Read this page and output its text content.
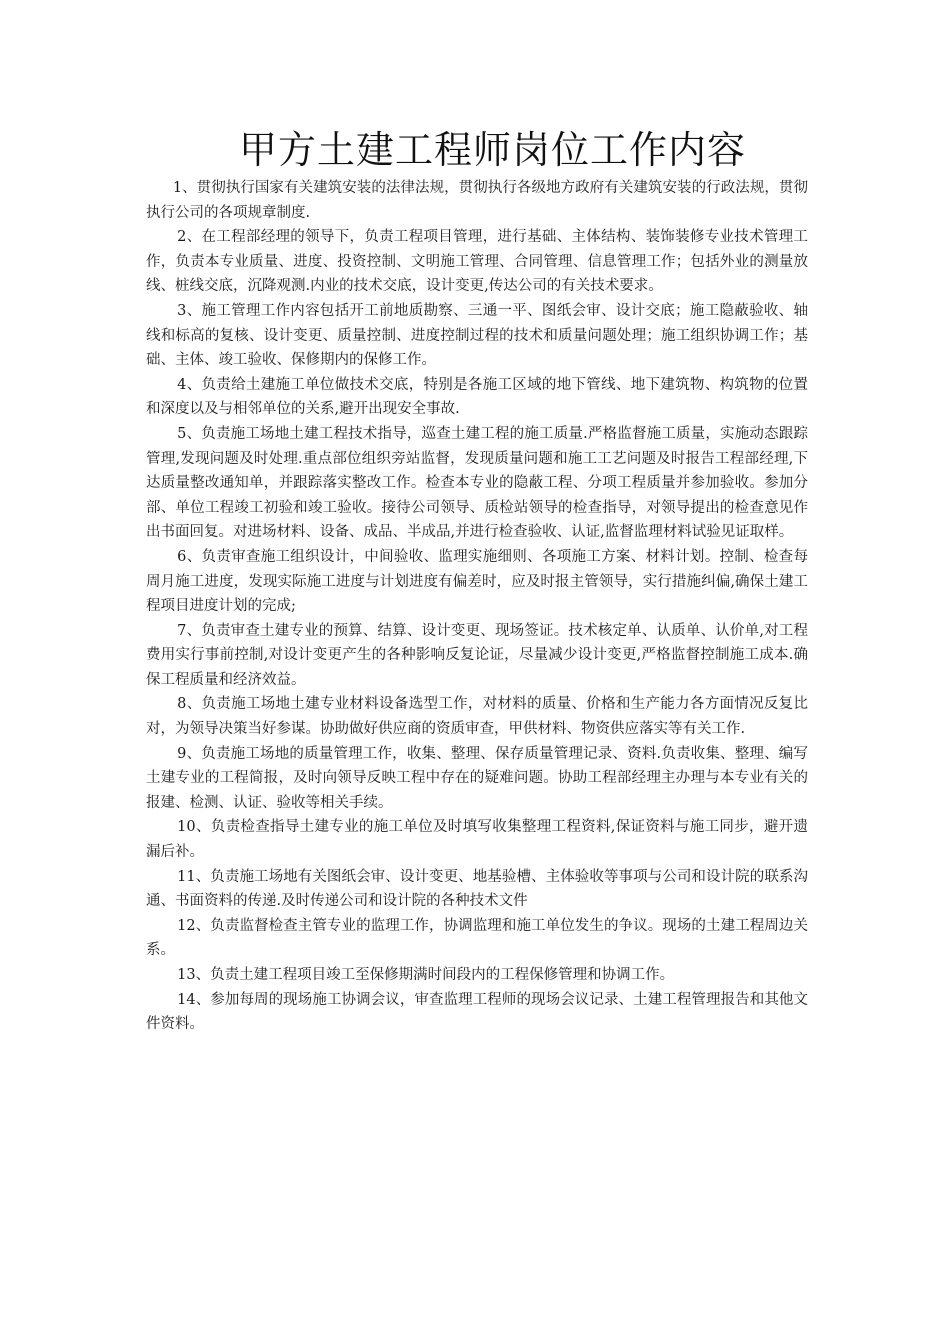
甲方土建工程师岗位工作内容

1、贯彻执行国家有关建筑安装的法律法规，贯彻执行各级地方政府有关建筑安装的行政法规，贯彻执行公司的各项规章制度.

2、在工程部经理的领导下，负责工程项目管理，进行基础、主体结构、装饰装修专业技术管理工作，负责本专业质量、进度、投资控制、文明施工管理、合同管理、信息管理工作；包括外业的测量放线、桩线交底，沉降观测.内业的技术交底，设计变更,传达公司的有关技术要求。

3、施工管理工作内容包括开工前地质勘察、三通一平、图纸会审、设计交底；施工隐蔽验收、轴线和标高的复核、设计变更、质量控制、进度控制过程的技术和质量问题处理；施工组织协调工作；基础、主体、竣工验收、保修期内的保修工作。

4、负责给土建施工单位做技术交底，特别是各施工区域的地下管线、地下建筑物、构筑物的位置和深度以及与相邻单位的关系,避开出现安全事故.

5、负责施工场地土建工程技术指导，巡查土建工程的施工质量.严格监督施工质量，实施动态跟踪管理,发现问题及时处理.重点部位组织旁站监督，发现质量问题和施工工艺问题及时报告工程部经理,下达质量整改通知单，并跟踪落实整改工作。检查本专业的隐蔽工程、分项工程质量并参加验收。参加分部、单位工程竣工初验和竣工验收。接待公司领导、质检站领导的检查指导，对领导提出的检查意见作出书面回复。对进场材料、设备、成品、半成品,并进行检查验收、认证,监督监理材料试验见证取样。

6、负责审查施工组织设计，中间验收、监理实施细则、各项施工方案、材料计划。控制、检查每周月施工进度，发现实际施工进度与计划进度有偏差时，应及时报主管领导，实行措施纠偏,确保土建工程项目进度计划的完成;

7、负责审查土建专业的预算、结算、设计变更、现场签证。技术核定单、认质单、认价单,对工程费用实行事前控制,对设计变更产生的各种影响反复论证，尽量减少设计变更,严格监督控制施工成本.确保工程质量和经济效益。

8、负责施工场地土建专业材料设备选型工作，对材料的质量、价格和生产能力各方面情况反复比对，为领导决策当好参谋。协助做好供应商的资质审查，甲供材料、物资供应落实等有关工作.

9、负责施工场地的质量管理工作，收集、整理、保存质量管理记录、资料.负责收集、整理、编写土建专业的工程简报，及时向领导反映工程中存在的疑难问题。协助工程部经理主办理与本专业有关的报建、检测、认证、验收等相关手续。

10、负责检查指导土建专业的施工单位及时填写收集整理工程资料,保证资料与施工同步，避开遗漏后补。

11、负责施工场地有关图纸会审、设计变更、地基验槽、主体验收等事项与公司和设计院的联系沟通、书面资料的传递.及时传递公司和设计院的各种技术文件

12、负责监督检查主管专业的监理工作，协调监理和施工单位发生的争议。现场的土建工程周边关系。

13、负责土建工程项目竣工至保修期满时间段内的工程保修管理和协调工作。

14、参加每周的现场施工协调会议，审查监理工程师的现场会议记录、土建工程管理报告和其他文件资料。
